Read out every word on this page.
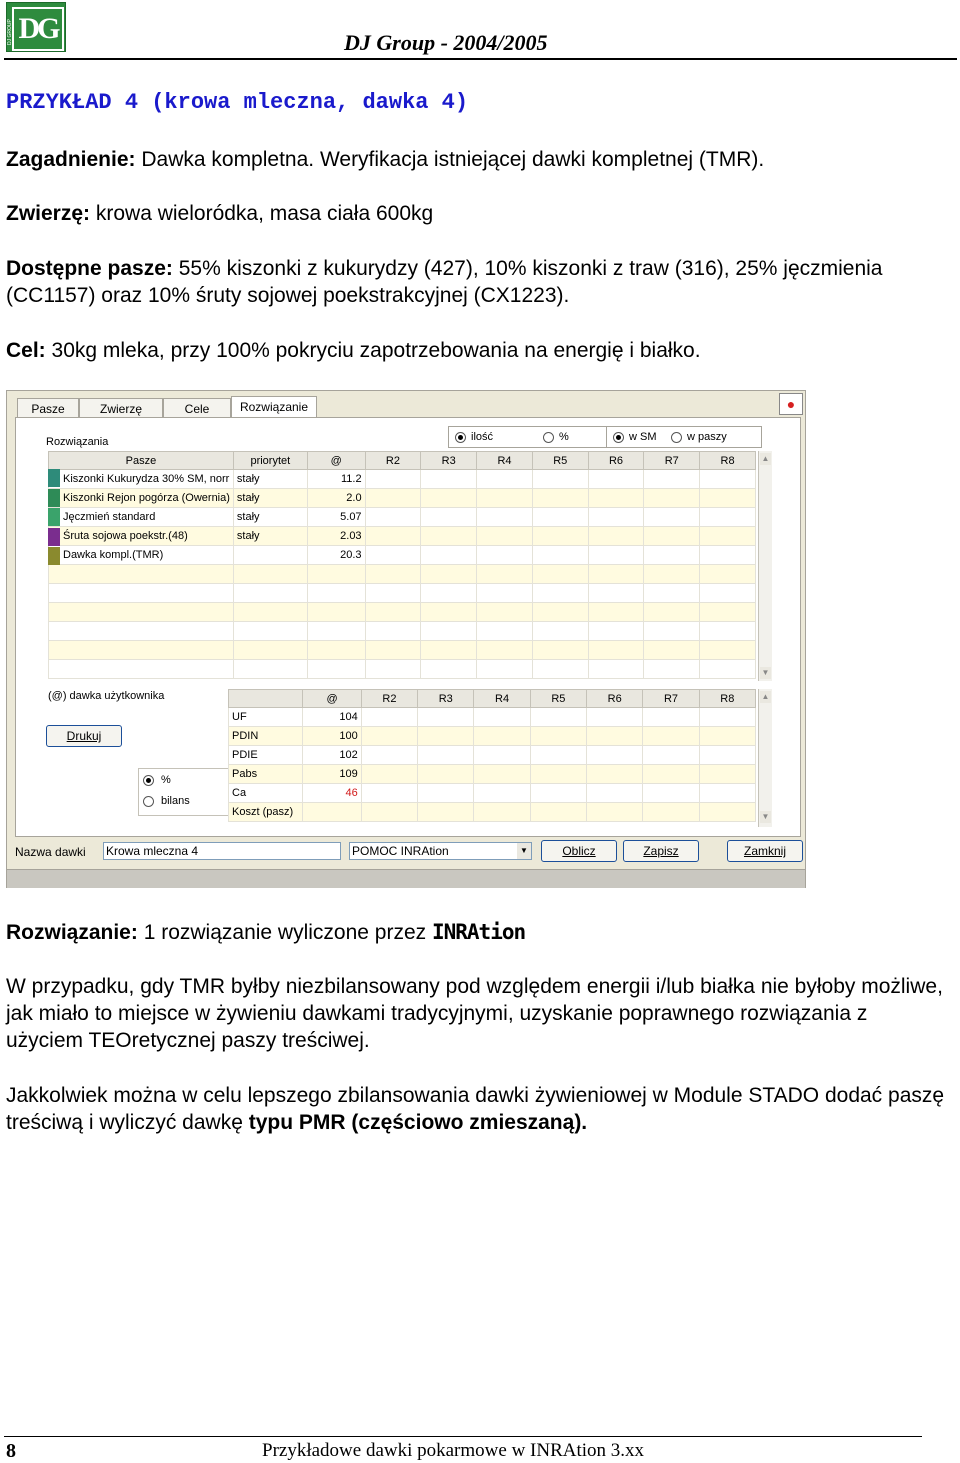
DJ GROUP DG	DJ Group - 2004/2005
PRZYKŁAD 4 (krowa mleczna, dawka 4)
Zagadnienie: Dawka kompletna. Weryfikacja istniejącej dawki kompletnej (TMR).
Zwierzę: krowa wieloródka, masa ciała 600kg
Dostępne pasze: 55% kiszonki z kukurydzy (427), 10% kiszonki z traw (316), 25% jęczmienia (CC1157) oraz 10% śruty sojowej poekstrakcyjnej (CX1223).
Cel: 30kg mleka, przy 100% pokryciu zapotrzebowania na energię i białko.
Pasze	Zwierzę	Cele	Rozwiązanie	●
Rozwiązania	ilość	%	w SM	w paszy
Pasze	priorytet	@	R2	R3	R4	R5	R6	R7	R8
Kiszonki Kukurydza 30% SM, norr	stały	11.2							
Kiszonki Rejon pogórza (Owernia)	stały	2.0							
Jęczmień standard	stały	5.07							
Śruta sojowa poekstr.(48)	stały	2.03							
Dawka kompl.(TMR)		20.3							

▲
▼
(@) dawka użytkownika
Drukuj
%
bilans
	@	R2	R3	R4	R5	R6	R7	R8
UF	104							
PDIN	100							
PDIE	102							
Pabs	109							
Ca	46							
Koszt (pasz)								
▲
▼
Nazwa dawki Krowa mleczna 4	POMOC INRAtion	▼	Oblicz	Zapisz	Zamknij
Rozwiązanie: 1 rozwiązanie wyliczone przez INRAtion
W przypadku, gdy TMR byłby niezbilansowany pod względem energii i/lub białka nie byłoby możliwe, jak miało to miejsce w żywieniu dawkami tradycyjnymi, uzyskanie poprawnego rozwiązania z użyciem TEOretycznej paszy treściwej.
Jakkolwiek można w celu lepszego zbilansowania dawki żywieniowej w Module STADO dodać paszę treściwą i wyliczyć dawkę typu PMR (częściowo zmieszaną).
8	Przykładowe dawki pokarmowe w INRAtion 3.xx
